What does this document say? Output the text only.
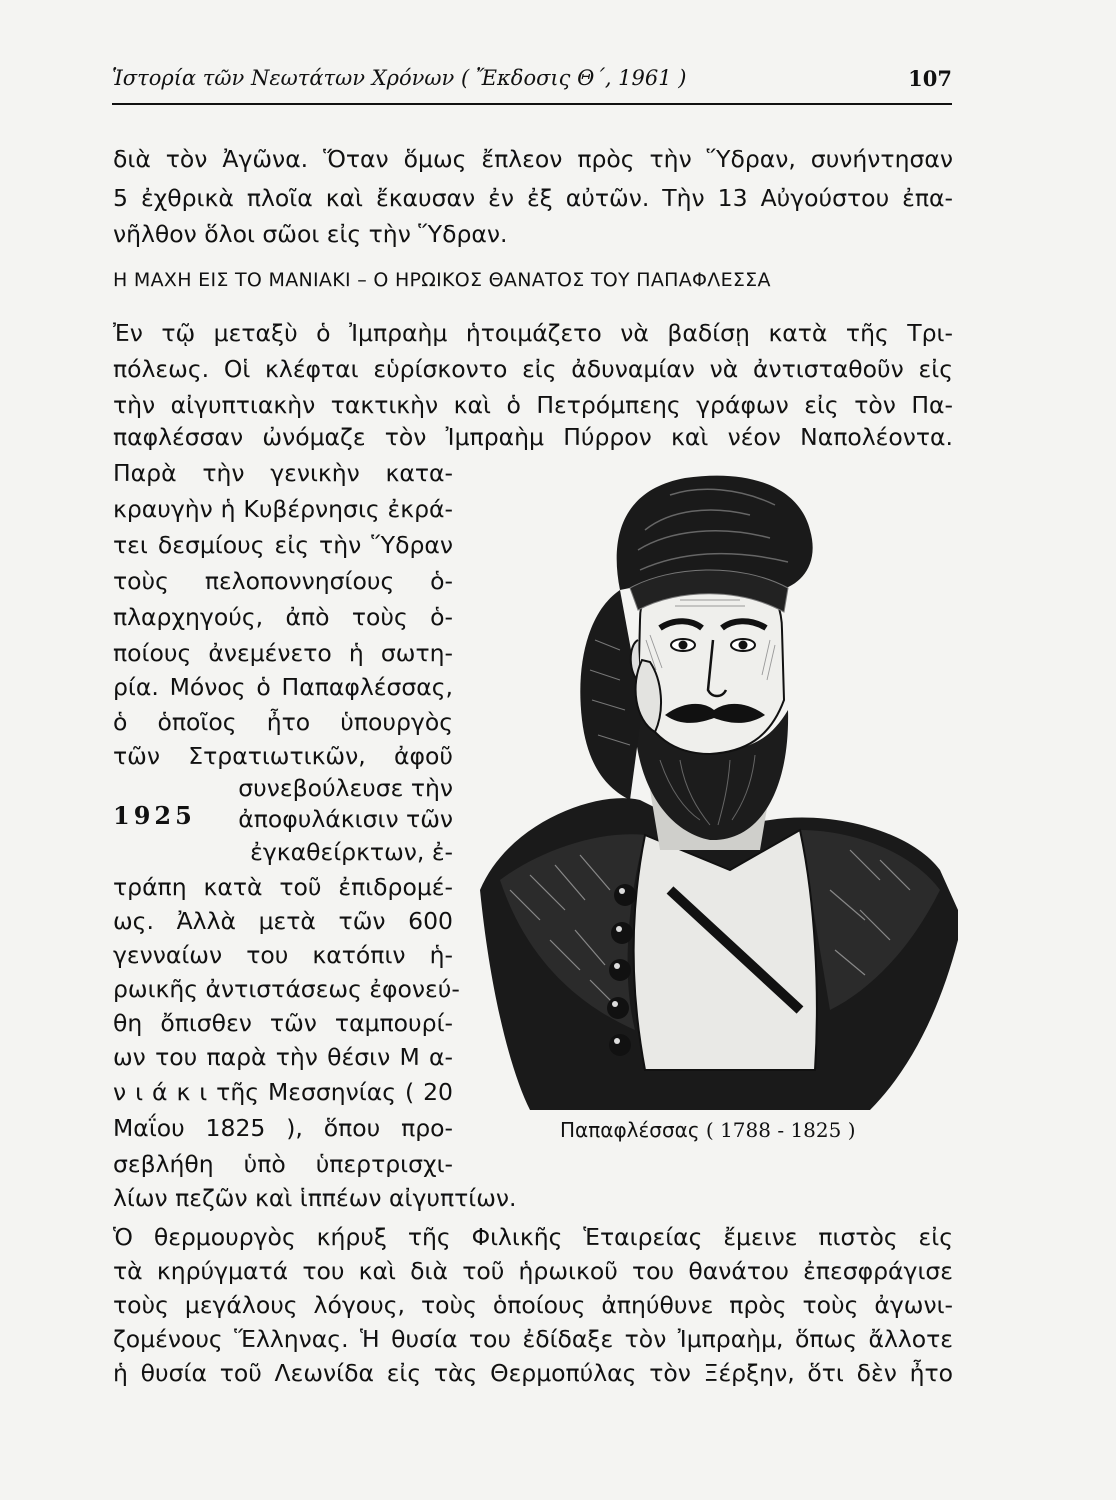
Ἱστορία τῶν Νεωτάτων Χρόνων ( Ἔκδοσις Θ΄, 1961 )	107
διὰ τὸν Ἀγῶνα. Ὅταν ὅμως ἔπλεον πρὸς τὴν Ὕδραν, συνήντησαν
5 ἐχθρικὰ πλοῖα καὶ ἔκαυσαν ἐν ἐξ αὐτῶν. Τὴν 13 Αὐγούστου ἐπα-
νῆλθον ὅλοι σῶοι εἰς τὴν Ὕδραν.
Η ΜΑΧΗ ΕΙΣ ΤΟ ΜΑΝΙΑΚΙ – Ο ΗΡΩΙΚΟΣ ΘΑΝΑΤΟΣ ΤΟΥ ΠΑΠΑΦΛΕΣΣΑ
Ἐν τῷ μεταξὺ ὁ Ἰμπραὴμ ἡτοιμάζετο νὰ βαδίσῃ κατὰ τῆς Τρι-
πόλεως. Οἱ κλέφται εὑρίσκοντο εἰς ἀδυναμίαν νὰ ἀντισταθοῦν εἰς
τὴν αἰγυπτιακὴν τακτικὴν καὶ ὁ Πετρόμπεης γράφων εἰς τὸν Πα-
παφλέσσαν ὠνόμαζε τὸν Ἰμπραὴμ Πύρρον καὶ νέον Ναπολέοντα.
Παρὰ τὴν γενικὴν κατα-
κραυγὴν ἡ Κυβέρνησις ἐκρά-
τει δεσμίους εἰς τὴν Ὕδραν
τοὺς πελοποννησίους ὁ-
πλαρχηγούς, ἀπὸ τοὺς ὁ-
ποίους ἀνεμένετο ἡ σωτη-
ρία. Μόνος ὁ Παπαφλέσσας,
ὁ ὁποῖος ἦτο ὑπουργὸς
τῶν Στρατιωτικῶν, ἀφοῦ
συνεβούλευσε τὴν
ἀποφυλάκισιν τῶν
ἐγκαθείρκτων, ἐ-
τράπη κατὰ τοῦ ἐπιδρομέ-
ως. Ἀλλὰ μετὰ τῶν 600
γενναίων του κατόπιν ἡ-
ρωικῆς ἀντιστάσεως ἐφονεύ-
θη ὄπισθεν τῶν ταμπουρί-
ων του παρὰ τὴν θέσιν Μ α-
ν ι ά κ ι τῆς Μεσσηνίας ( 20
Μαΐου 1825 ), ὅπου προ-
σεβλήθη ὑπὸ ὑπερτρισχι-
1925
λίων πεζῶν καὶ ἱππέων αἰγυπτίων.
Ὁ θερμουργὸς κήρυξ τῆς Φιλικῆς Ἑταιρείας ἔμεινε πιστὸς εἰς
τὰ κηρύγματά του καὶ διὰ τοῦ ἡρωικοῦ του θανάτου ἐπεσφράγισε
τοὺς μεγάλους λόγους, τοὺς ὁποίους ἀπηύθυνε πρὸς τοὺς ἀγωνι-
ζομένους Ἕλληνας. Ἡ θυσία του ἐδίδαξε τὸν Ἰμπραὴμ, ὅπως ἄλλοτε
ἡ θυσία τοῦ Λεωνίδα εἰς τὰς Θερμοπύλας τὸν Ξέρξην, ὅτι δὲν ἦτο
Παπαφλέσσας ( 1788 - 1825 )
